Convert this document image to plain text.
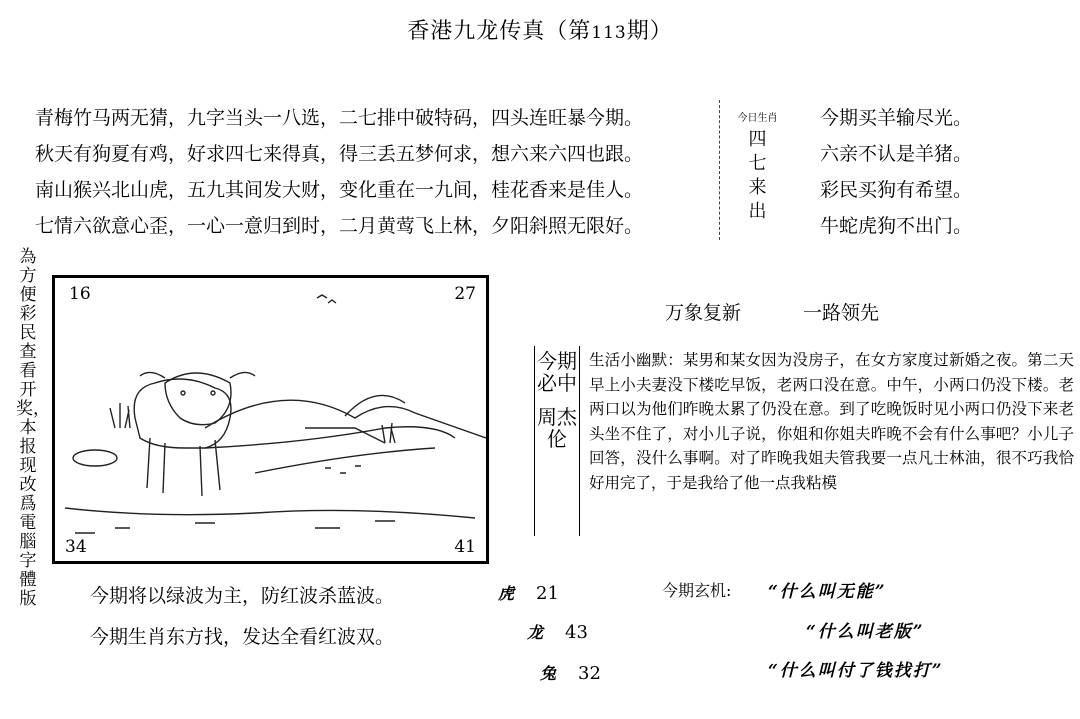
香港九龙传真（第113期）
青梅竹马两无猜，九字当头一八选，二七排中破特码，四头连旺暴今期。
秋天有狗夏有鸡，好求四七来得真，得三丢五梦何求，想六来六四也跟。
南山猴兴北山虎，五九其间发大财，变化重在一九间，桂花香来是佳人。
七情六欲意心歪，一心一意归到时，二月黄莺飞上林，夕阳斜照无限好。
今日生肖
四
七
来
出
今期买羊输尽光。
六亲不认是羊猪。
彩民买狗有希望。
牛蛇虎狗不出门。
為方便彩民查看开奖，本报现改爲電腦字體版
16	27
34	41
万象复新	一路领先
今期必中
周杰伦
生活小幽默：某男和某女因为没房子，在女方家度过新婚之夜。第二天早上小夫妻没下楼吃早饭，老两口没在意。中午，小两口仍没下楼。老两口以为他们昨晚太累了仍没在意。到了吃晚饭时见小两口仍没下来老头坐不住了，对小儿子说，你姐和你姐夫昨晚不会有什么事吧？小儿子回答，没什么事啊。对了昨晚我姐夫管我要一点凡士林油，很不巧我恰好用完了，于是我给了他一点我粘模
今期将以绿波为主，防红波杀蓝波。
今期生肖东方找，发达全看红波双。
虎 21
龙 43
兔 32
今期玄机: “什么叫无能”
“什么叫老版”
“什么叫付了钱找打”
